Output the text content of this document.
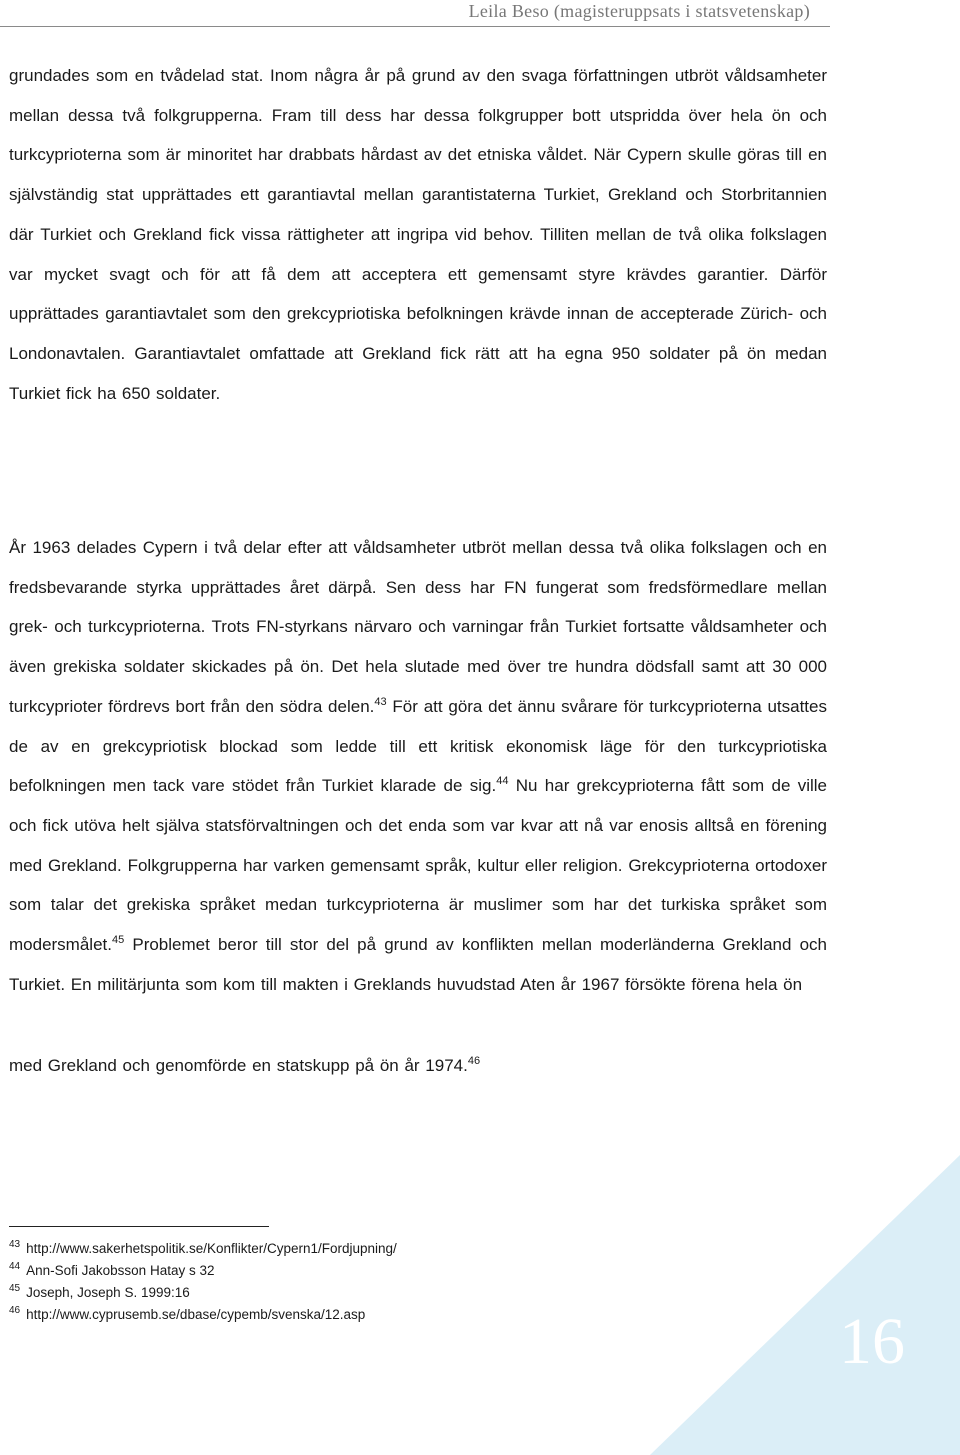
Leila Beso (magisteruppsats i statsvetenskap)

grundades som en tvådelad stat. Inom några år på grund av den svaga författningen utbröt våldsamheter mellan dessa två folkgrupperna. Fram till dess har dessa folkgrupper bott utspridda över hela ön och turkcyprioterna som är minoritet har drabbats hårdast av det etniska våldet. När Cypern skulle göras till en självständig stat upprättades ett garantiavtal mellan garantistaterna Turkiet, Grekland och Storbritannien där Turkiet och Grekland fick vissa rättigheter att ingripa vid behov. Tilliten mellan de två olika folkslagen var mycket svagt och för att få dem att acceptera ett gemensamt styre krävdes garantier. Därför upprättades garantiavtalet som den grekcypriotiska befolkningen krävde innan de accepterade Zürich- och Londonavtalen. Garantiavtalet omfattade att Grekland fick rätt att ha egna 950 soldater på ön medan Turkiet fick ha 650 soldater.

År 1963 delades Cypern i två delar efter att våldsamheter utbröt mellan dessa två olika folkslagen och en fredsbevarande styrka upprättades året därpå. Sen dess har FN fungerat som fredsförmedlare mellan grek- och turkcyprioterna. Trots FN-styrkans närvaro och varningar från Turkiet fortsatte våldsamheter och även grekiska soldater skickades på ön. Det hela slutade med över tre hundra dödsfall samt att 30 000 turkcyprioter fördrevs bort från den södra delen.$^{43}$ För att göra det ännu svårare för turkcyprioterna utsattes de av en grekcypriotisk blockad som ledde till ett kritisk ekonomisk läge för den turkcypriotiska befolkningen men tack vare stödet från Turkiet klarade de sig.$^{44}$ Nu har grekcyprioterna fått som de ville och fick utöva helt själva statsförvaltningen och det enda som var kvar att nå var enosis alltså en förening med Grekland. Folkgrupperna har varken gemensamt språk, kultur eller religion. Grekcyprioterna ortodoxer som talar det grekiska språket medan turkcyprioterna är muslimer som har det turkiska språket som modersmålet.$^{45}$ Problemet beror till stor del på grund av konflikten mellan moderländerna Grekland och Turkiet. En militärjunta som kom till makten i Greklands huvudstad Aten år 1967 försökte förena hela ön

med Grekland och genomförde en statskupp på ön år 1974.46

$^{43}$ http://www.sakerhetspolitik.se/Konflikter/Cypern1/Fordjupning/
$^{44}$ Ann-Sofi Jakobsson Hatay s 32
$^{45}$ Joseph, Joseph S. 1999:16
$^{46}$ http://www.cyprusemb.se/dbase/cypemb/svenska/12.asp	16
